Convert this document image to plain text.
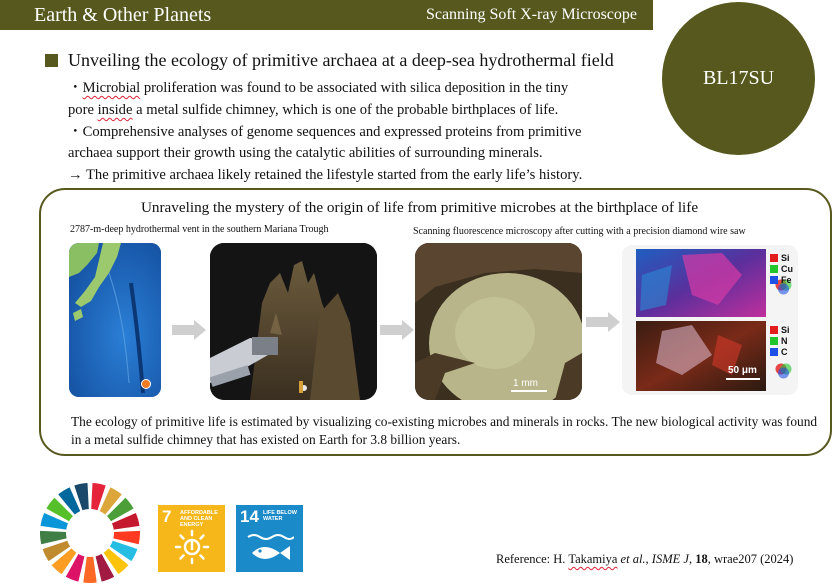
Earth & Other Planets	Scanning Soft X-ray Microscope
BL17SU
Unveiling the ecology of primitive archaea at a deep-sea hydrothermal field

・Microbial proliferation was found to be associated with silica deposition in the tiny

pore inside a metal sulfide chimney, which is one of the probable birthplaces of life.

・Comprehensive analyses of genome sequences and expressed proteins from primitive

archaea support their growth using the catalytic abilities of surrounding minerals.

→ The primitive archaea likely retained the lifestyle started from the early life’s history.

Unraveling the mystery of the origin of life from primitive microbes at the birthplace of life
2787-m-deep hydrothermal vent in the southern Mariana Trough	Scanning fluorescence microscopy after cutting with a precision diamond wire saw
1 mm
Si
Cu
Fe
Si
N
C
50 μm
The ecology of primitive life is estimated by visualizing co-existing microbes and minerals in rocks. The new biological activity was found in a metal sulfide chimney that has existed on Earth for 3.8 billion years.
7 AFFORDABLE AND CLEAN ENERGY	14 LIFE BELOW WATER
Reference: H. Takamiya et al., ISME J, 18, wrae207 (2024)
